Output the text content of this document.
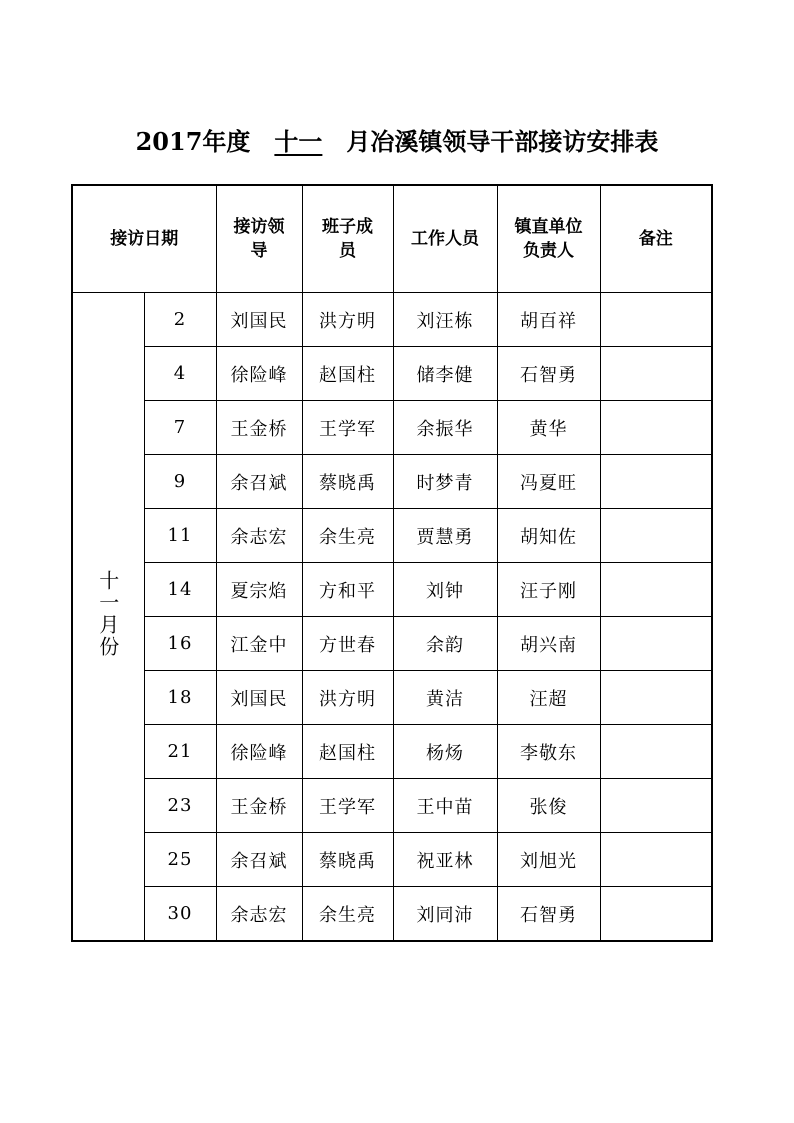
2017年度 十一 月冶溪镇领导干部接访安排表
接访日期		接访领导	班子成员	工作人员	镇直单位负责人	备注
十一月份	2	刘国民	洪方明	刘汪栋	胡百祥	
	4	徐险峰	赵国柱	储李健	石智勇	
	7	王金桥	王学军	余振华	黄华	
	9	余召斌	蔡晓禹	时梦青	冯夏旺	
	11	余志宏	余生亮	贾慧勇	胡知佐	
	14	夏宗焰	方和平	刘钟	汪子刚	
	16	江金中	方世春	余韵	胡兴南	
	18	刘国民	洪方明	黄洁	汪超	
	21	徐险峰	赵国柱	杨炀	李敬东	
	23	王金桥	王学军	王中苗	张俊	
	25	余召斌	蔡晓禹	祝亚林	刘旭光	
	30	余志宏	余生亮	刘同沛	石智勇	
